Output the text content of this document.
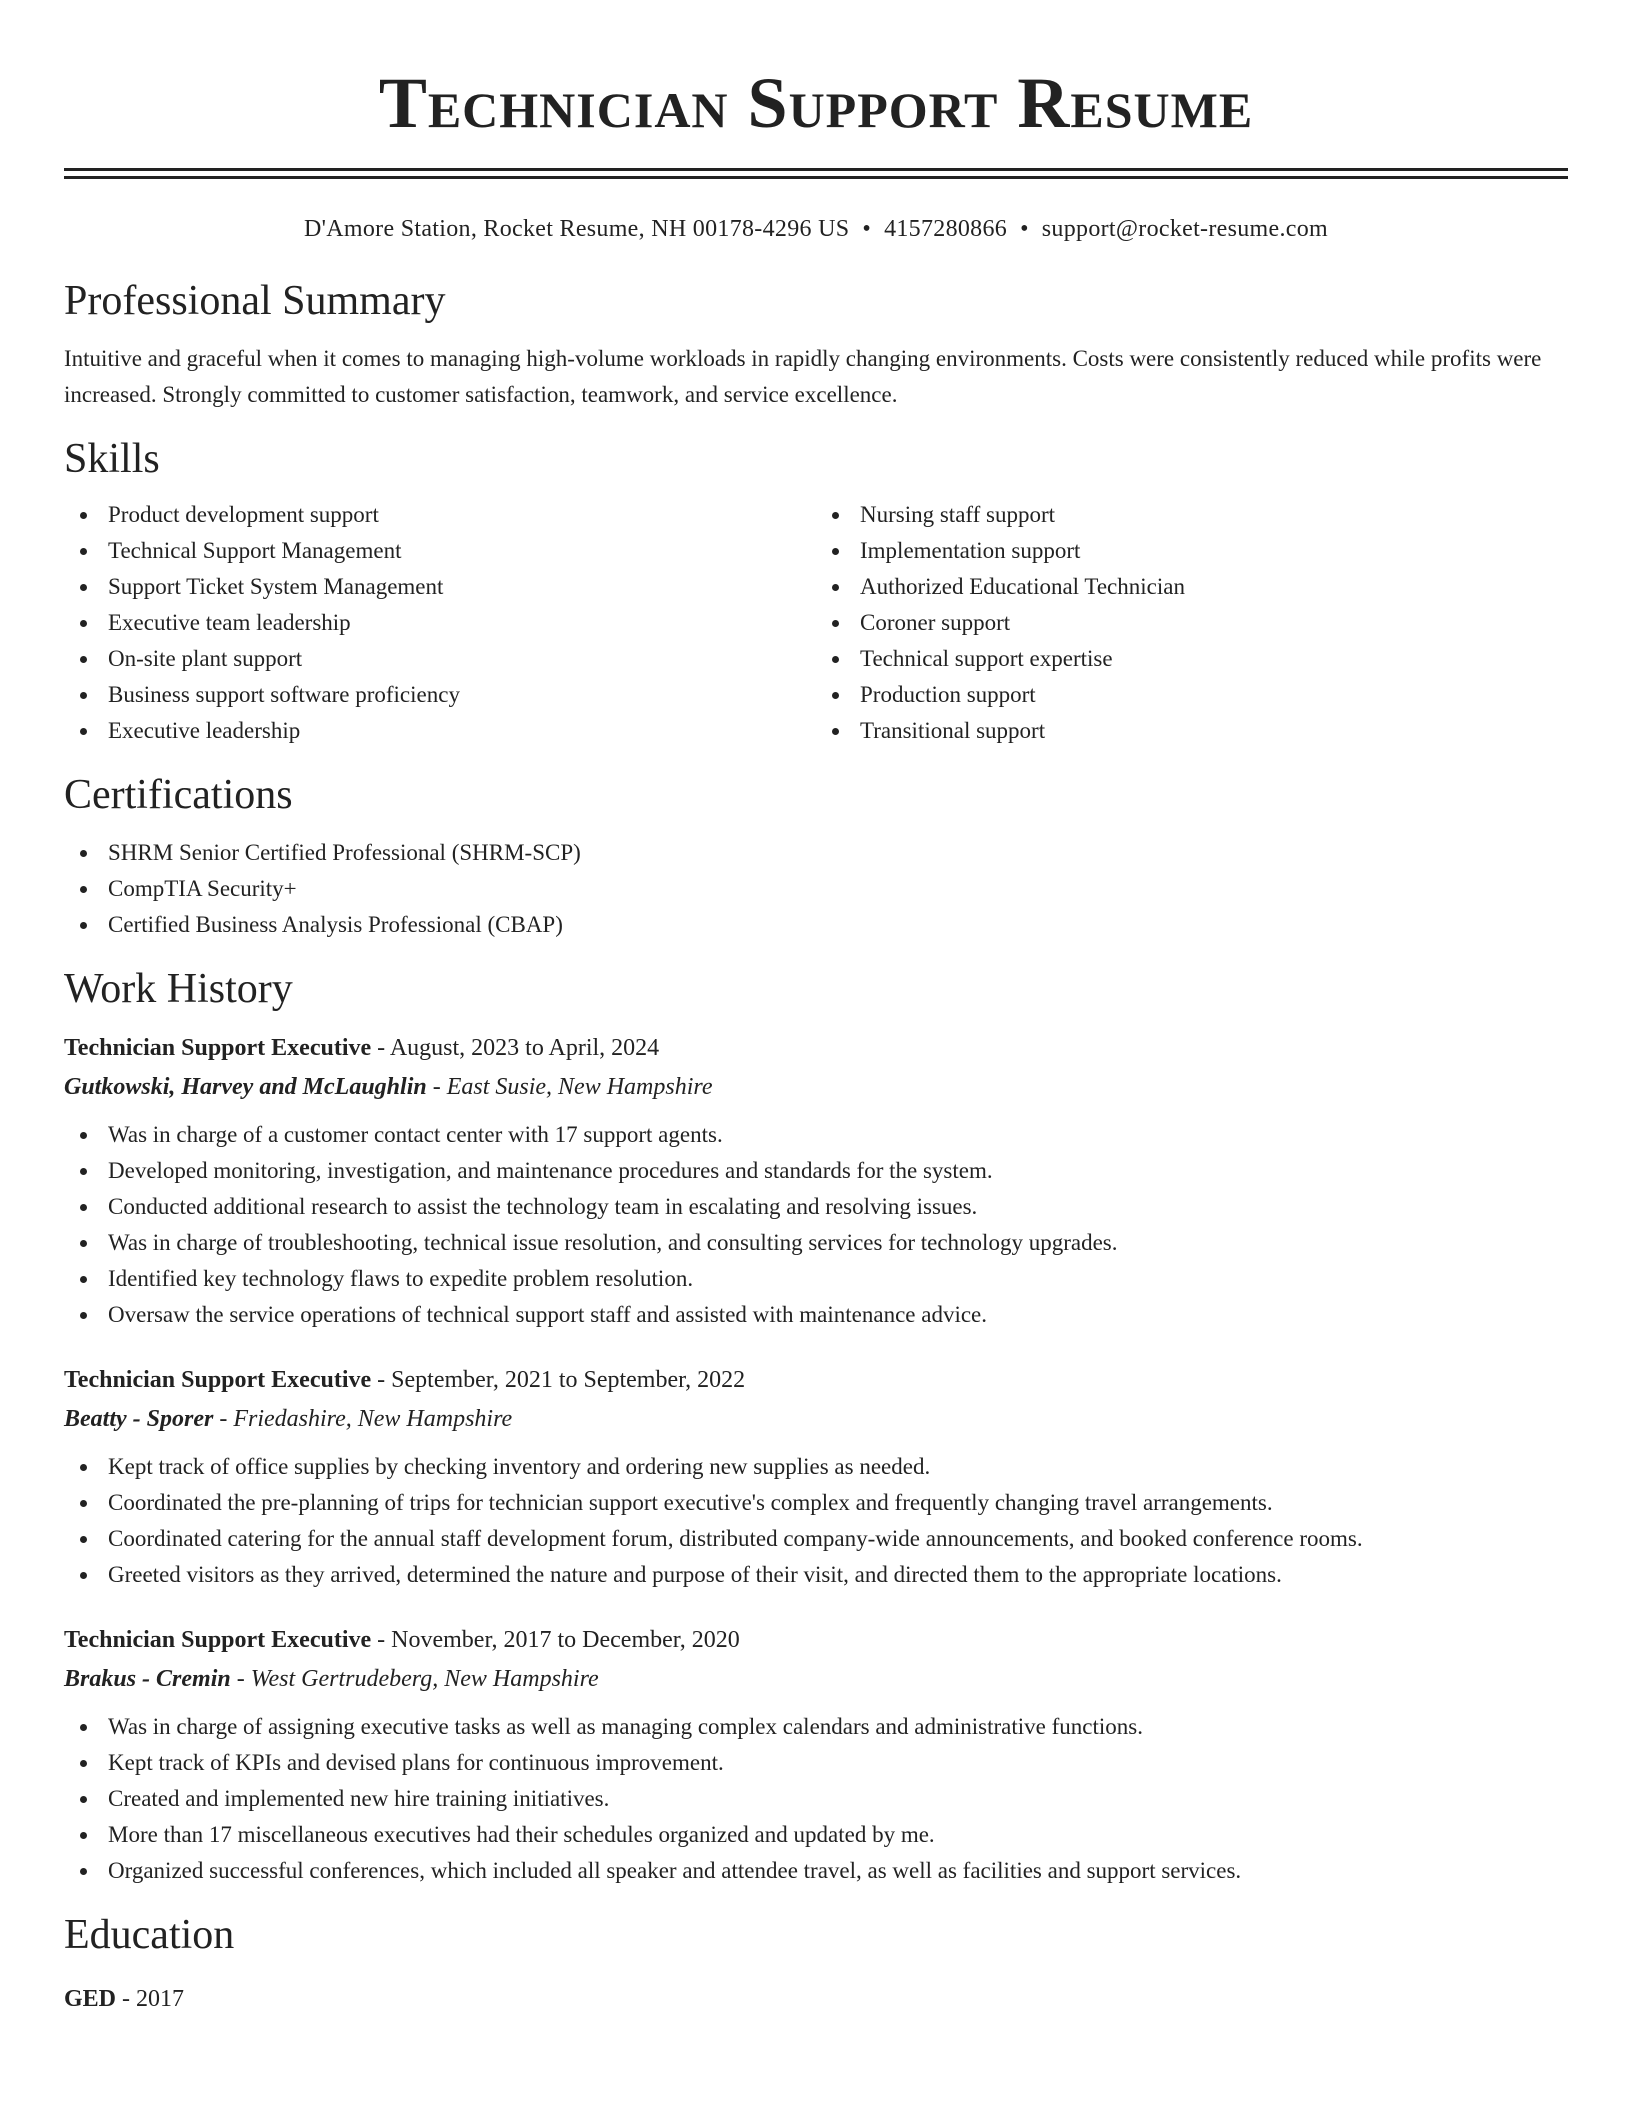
Technician Support Resume
D'Amore Station, Rocket Resume, NH 00178-4296 US • 4157280866 • support@rocket-resume.com
Professional Summary

Intuitive and graceful when it comes to managing high-volume workloads in rapidly changing environments. Costs were consistently reduced while profits were increased. Strongly committed to customer satisfaction, teamwork, and service excellence.

Skills
Product development support
Technical Support Management
Support Ticket System Management
Executive team leadership
On-site plant support
Business support software proficiency
Executive leadership
Nursing staff support
Implementation support
Authorized Educational Technician
Coroner support
Technical support expertise
Production support
Transitional support
Certifications
SHRM Senior Certified Professional (SHRM-SCP)
CompTIA Security+
Certified Business Analysis Professional (CBAP)
Work History
Technician Support Executive - August, 2023 to April, 2024
Gutkowski, Harvey and McLaughlin - East Susie, New Hampshire
Was in charge of a customer contact center with 17 support agents.
Developed monitoring, investigation, and maintenance procedures and standards for the system.
Conducted additional research to assist the technology team in escalating and resolving issues.
Was in charge of troubleshooting, technical issue resolution, and consulting services for technology upgrades.
Identified key technology flaws to expedite problem resolution.
Oversaw the service operations of technical support staff and assisted with maintenance advice.
Technician Support Executive - September, 2021 to September, 2022
Beatty - Sporer - Friedashire, New Hampshire
Kept track of office supplies by checking inventory and ordering new supplies as needed.
Coordinated the pre-planning of trips for technician support executive's complex and frequently changing travel arrangements.
Coordinated catering for the annual staff development forum, distributed company-wide announcements, and booked conference rooms.
Greeted visitors as they arrived, determined the nature and purpose of their visit, and directed them to the appropriate locations.
Technician Support Executive - November, 2017 to December, 2020
Brakus - Cremin - West Gertrudeberg, New Hampshire
Was in charge of assigning executive tasks as well as managing complex calendars and administrative functions.
Kept track of KPIs and devised plans for continuous improvement.
Created and implemented new hire training initiatives.
More than 17 miscellaneous executives had their schedules organized and updated by me.
Organized successful conferences, which included all speaker and attendee travel, as well as facilities and support services.
Education
GED - 2017
